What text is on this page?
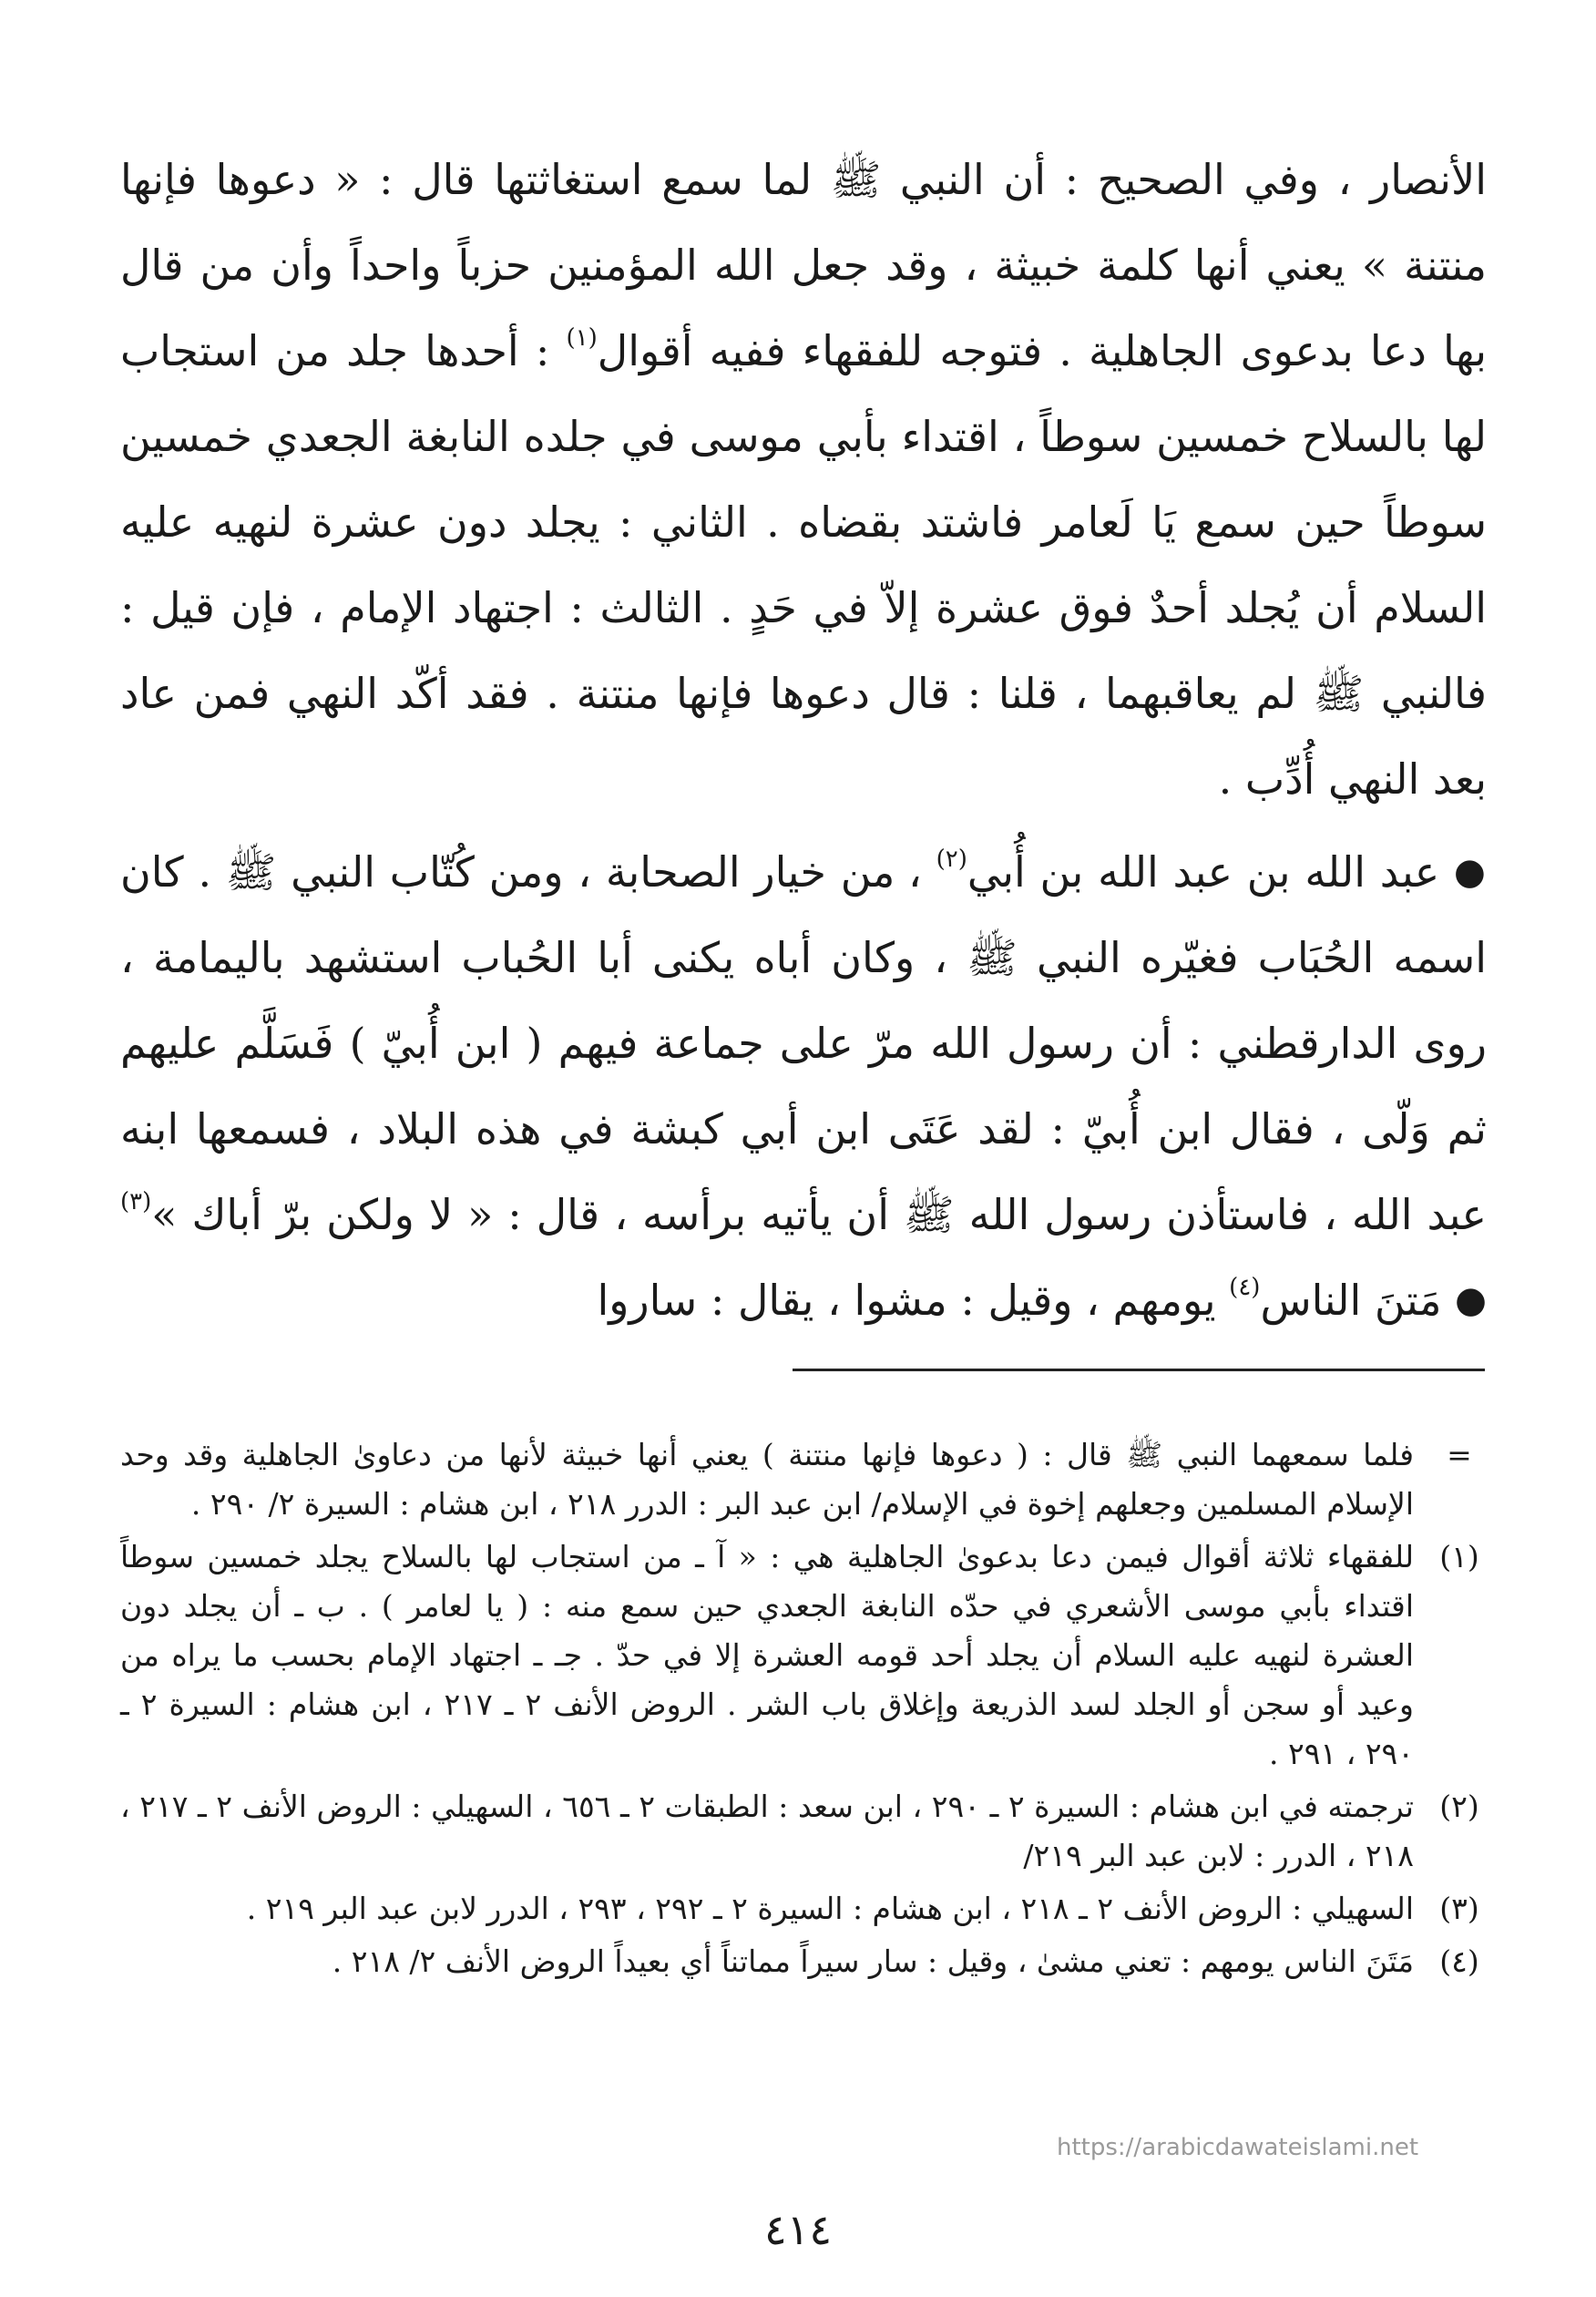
الأنصار ، وفي الصحيح : أن النبي ﷺ لما سمع استغاثتها قال : « دعوها فإنها منتنة » يعني أنها كلمة خبيثة ، وقد جعل الله المؤمنين حزباً واحداً وأن من قال بها دعا بدعوى الجاهلية . فتوجه للفقهاء ففيه أقوال$^{(١)}$ : أحدها جلد من استجاب لها بالسلاح خمسين سوطاً ، اقتداء بأبي موسى في جلده النابغة الجعدي خمسين سوطاً حين سمع يَا لَعامر فاشتد بقضاه . الثاني : يجلد دون عشرة لنهيه عليه السلام أن يُجلد أحدٌ فوق عشرة إلاّ في حَدٍ . الثالث : اجتهاد الإمام ، فإن قيل : فالنبي ﷺ لم يعاقبهما ، قلنا : قال دعوها فإنها منتنة . فقد أكّد النهي فمن عاد بعد النهي أُدِّب .

● عبد الله بن عبد الله بن أُبي$^{(٢)}$ ، من خيار الصحابة ، ومن كُتّاب النبي ﷺ . كان اسمه الحُبَاب فغيّره النبي ﷺ ، وكان أباه يكنى أبا الحُباب استشهد باليمامة ، روى الدارقطني : أن رسول الله مرّ على جماعة فيهم ( ابن أُبيّ ) فَسَلَّم عليهم ثم وَلّى ، فقال ابن أُبيّ : لقد عَتَى ابن أبي كبشة في هذه البلاد ، فسمعها ابنه عبد الله ، فاستأذن رسول الله ﷺ أن يأتيه برأسه ، قال : « لا ولكن برّ أباك »$^{(٣)}$ ● مَتنَ الناس$^{(٤)}$ يومهم ، وقيل : مشوا ، يقال : ساروا

=
فلما سمعهما النبي ﷺ قال : ( دعوها فإنها منتنة ) يعني أنها خبيثة لأنها من دعاوىٰ الجاهلية وقد وحد الإسلام المسلمين وجعلهم إخوة في الإسلام/ ابن عبد البر : الدرر ٢١٨ ، ابن هشام : السيرة ٢/ ٢٩٠ .
(١)
للفقهاء ثلاثة أقوال فيمن دعا بدعوىٰ الجاهلية هي : « آ ـ من استجاب لها بالسلاح يجلد خمسين سوطاً اقتداء بأبي موسى الأشعري في حدّه النابغة الجعدي حين سمع منه : ( يا لعامر ) . ب ـ أن يجلد دون العشرة لنهيه عليه السلام أن يجلد أحد قومه العشرة إلا في حدّ . جـ ـ اجتهاد الإمام بحسب ما يراه من وعيد أو سجن أو الجلد لسد الذريعة وإغلاق باب الشر . الروض الأنف ٢ ـ ٢١٧ ، ابن هشام : السيرة ٢ ـ ٢٩٠ ، ٢٩١ .
(٢)
ترجمته في ابن هشام : السيرة ٢ ـ ٢٩٠ ، ابن سعد : الطبقات ٢ ـ ٦٥٦ ، السهيلي : الروض الأنف ٢ ـ ٢١٧ ، ٢١٨ ، الدرر : لابن عبد البر ٢١٩/
(٣)
السهيلي : الروض الأنف ٢ ـ ٢١٨ ، ابن هشام : السيرة ٢ ـ ٢٩٢ ، ٢٩٣ ، الدرر لابن عبد البر ٢١٩ .
(٤)
مَتَنَ الناس يومهم : تعني مشىٰ ، وقيل : سار سيراً مماتناً أي بعيداً الروض الأنف ٢/ ٢١٨ .
https://arabicdawateislami.net
٤١٤
